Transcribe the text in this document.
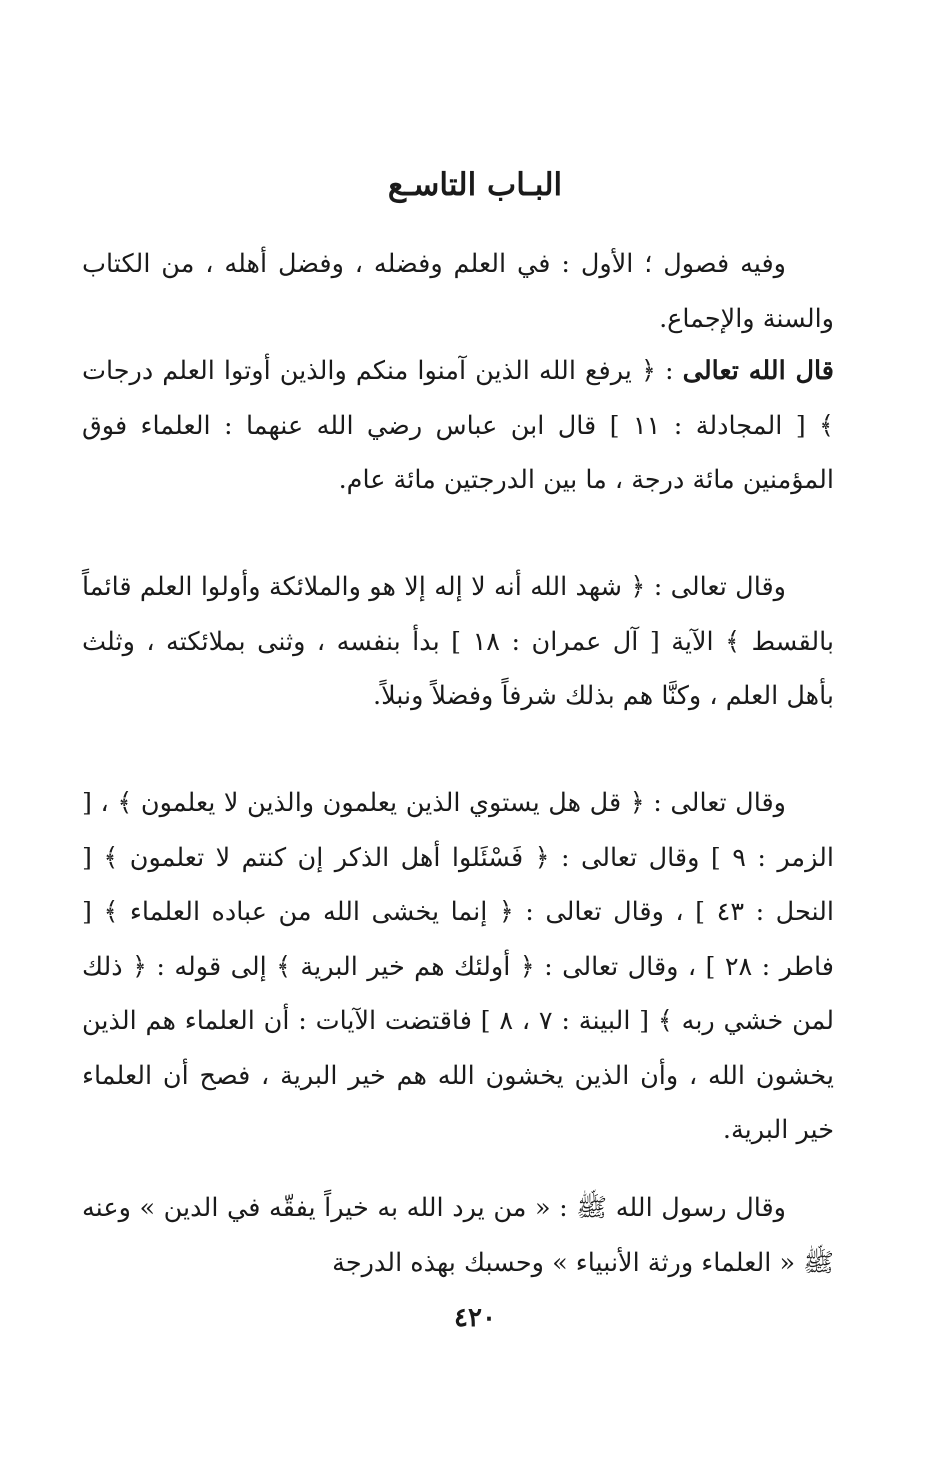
البـاب التاسـع

وفيه فصول ؛ الأول : في العلم وفضله ، وفضل أهله ، من الكتاب والسنة والإجماع.

قال الله تعالى : ﴿ يرفع الله الذين آمنوا منكم والذين أوتوا العلم درجات ﴾ [ المجادلة : ١١ ] قال ابن عباس رضي الله عنهما : العلماء فوق المؤمنين مائة درجة ، ما بين الدرجتين مائة عام.

وقال تعالى : ﴿ شهد الله أنه لا إله إلا هو والملائكة وأولوا العلم قائماً بالقسط ﴾ الآية [ آل عمران : ١٨ ] بدأ بنفسه ، وثنى بملائكته ، وثلث بأهل العلم ، وكنَّا هم بذلك شرفاً وفضلاً ونبلاً.

وقال تعالى : ﴿ قل هل يستوي الذين يعلمون والذين لا يعلمون ﴾ ، [ الزمر : ٩ ] وقال تعالى : ﴿ فَسْئَلوا أهل الذكر إن كنتم لا تعلمون ﴾ [ النحل : ٤٣ ] ، وقال تعالى : ﴿ إنما يخشى الله من عباده العلماء ﴾ [ فاطر : ٢٨ ] ، وقال تعالى : ﴿ أولئك هم خير البرية ﴾ إلى قوله : ﴿ ذلك لمن خشي ربه ﴾ [ البينة : ٧ ، ٨ ] فاقتضت الآيات : أن العلماء هم الذين يخشون الله ، وأن الذين يخشون الله هم خير البرية ، فصح أن العلماء خير البرية.

وقال رسول الله ﷺ : « من يرد الله به خيراً يفقّه في الدين » وعنه ﷺ « العلماء ورثة الأنبياء » وحسبك بهذه الدرجة

٤٢٠
